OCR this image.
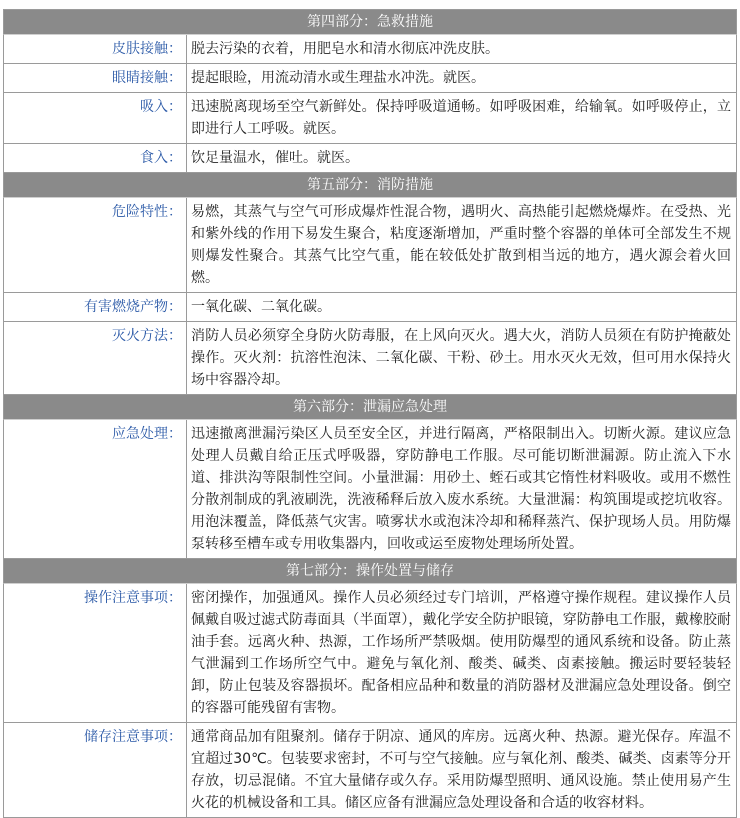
第四部分：急救措施
皮肤接触： 脱去污染的衣着，用肥皂水和清水彻底冲洗皮肤。
眼睛接触： 提起眼睑，用流动清水或生理盐水冲洗。就医。
吸入： 迅速脱离现场至空气新鲜处。保持呼吸道通畅。如呼吸困难，给输氧。如呼吸停止，立即进行人工呼吸。就医。
食入： 饮足量温水，催吐。就医。
第五部分：消防措施
危险特性： 易燃，其蒸气与空气可形成爆炸性混合物，遇明火、高热能引起燃烧爆炸。在受热、光和紫外线的作用下易发生聚合，粘度逐渐增加，严重时整个容器的单体可全部发生不规则爆发性聚合。其蒸气比空气重，能在较低处扩散到相当远的地方，遇火源会着火回燃。
有害燃烧产物： 一氧化碳、二氧化碳。
灭火方法： 消防人员必须穿全身防火防毒服，在上风向灭火。遇大火，消防人员须在有防护掩蔽处操作。灭火剂：抗溶性泡沫、二氧化碳、干粉、砂土。用水灭火无效，但可用水保持火场中容器冷却。
第六部分：泄漏应急处理
应急处理： 迅速撤离泄漏污染区人员至安全区，并进行隔离，严格限制出入。切断火源。建议应急处理人员戴自给正压式呼吸器，穿防静电工作服。尽可能切断泄漏源。防止流入下水道、排洪沟等限制性空间。小量泄漏：用砂土、蛭石或其它惰性材料吸收。或用不燃性分散剂制成的乳液刷洗，洗液稀释后放入废水系统。大量泄漏：构筑围堤或挖坑收容。用泡沫覆盖，降低蒸气灾害。喷雾状水或泡沫冷却和稀释蒸汽、保护现场人员。用防爆泵转移至槽车或专用收集器内，回收或运至废物处理场所处置。
第七部分：操作处置与储存
操作注意事项： 密闭操作，加强通风。操作人员必须经过专门培训，严格遵守操作规程。建议操作人员佩戴自吸过滤式防毒面具（半面罩），戴化学安全防护眼镜，穿防静电工作服，戴橡胶耐油手套。远离火种、热源，工作场所严禁吸烟。使用防爆型的通风系统和设备。防止蒸气泄漏到工作场所空气中。避免与氧化剂、酸类、碱类、卤素接触。搬运时要轻装轻卸，防止包装及容器损坏。配备相应品种和数量的消防器材及泄漏应急处理设备。倒空的容器可能残留有害物。
储存注意事项： 通常商品加有阻聚剂。储存于阴凉、通风的库房。远离火种、热源。避光保存。库温不宜超过30℃。包装要求密封，不可与空气接触。应与氧化剂、酸类、碱类、卤素等分开存放，切忌混储。不宜大量储存或久存。采用防爆型照明、通风设施。禁止使用易产生火花的机械设备和工具。储区应备有泄漏应急处理设备和合适的收容材料。
